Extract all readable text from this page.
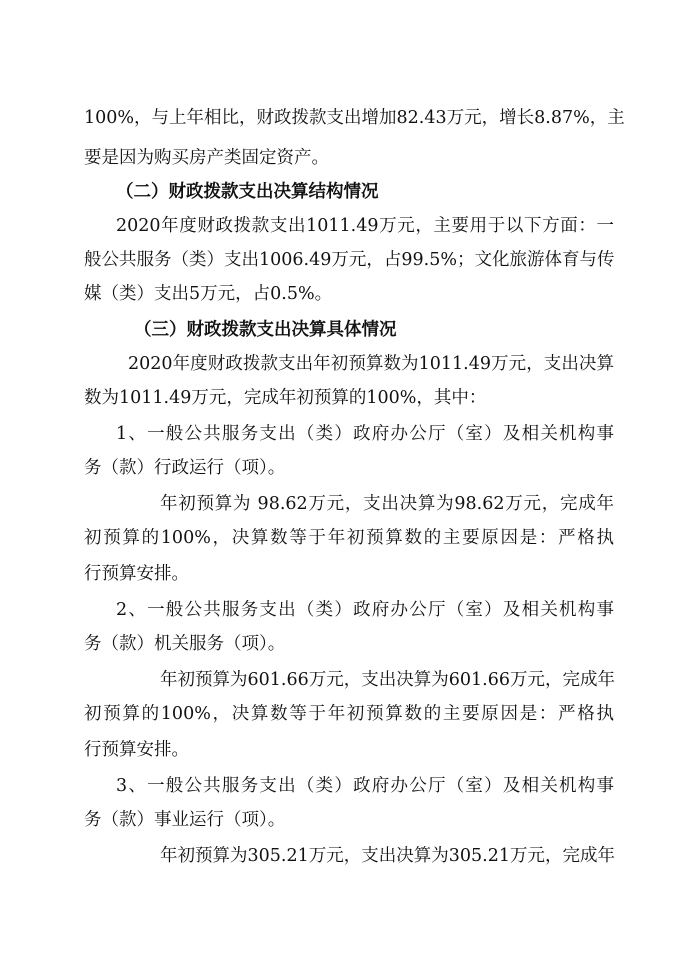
100%，与上年相比，财政拨款支出增加82.43万元，增长8.87%，主
要是因为购买房产类固定资产。
（二）财政拨款支出决算结构情况
2020年度财政拨款支出1011.49万元，主要用于以下方面：一
般公共服务（类）支出1006.49万元，占99.5%；文化旅游体育与传
媒（类）支出5万元，占0.5%。
（三）财政拨款支出决算具体情况
2020年度财政拨款支出年初预算数为1011.49万元，支出决算
数为1011.49万元，完成年初预算的100%，其中：
1、一般公共服务支出（类）政府办公厅（室）及相关机构事
务（款）行政运行（项）。
年初预算为 98.62万元，支出决算为98.62万元，完成年
初预算的100%，决算数等于年初预算数的主要原因是：严格执
行预算安排。
2、一般公共服务支出（类）政府办公厅（室）及相关机构事
务（款）机关服务（项）。
年初预算为601.66万元，支出决算为601.66万元，完成年
初预算的100%，决算数等于年初预算数的主要原因是：严格执
行预算安排。
3、一般公共服务支出（类）政府办公厅（室）及相关机构事
务（款）事业运行（项）。
年初预算为305.21万元，支出决算为305.21万元，完成年
